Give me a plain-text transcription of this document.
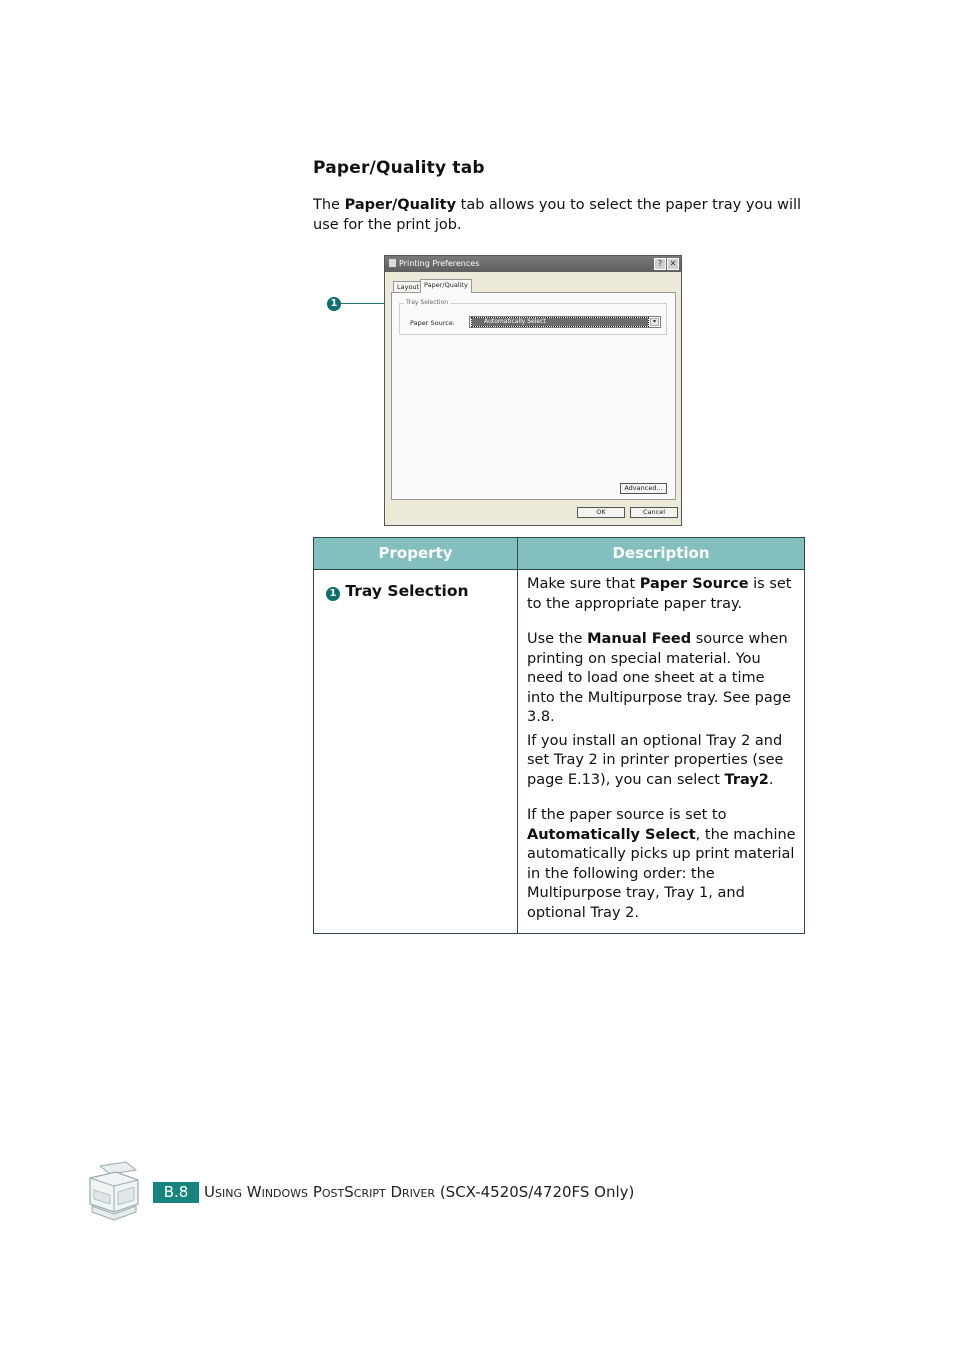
Paper/Quality tab
The Paper/Quality tab allows you to select the paper tray you will use for the print job.
1
Printing Preferences	? ✕
Layout Paper/Quality
Tray Selection
Paper Source:	Automatically Select	▾
Advanced...
OK	Cancel
Property	Description
1 Tray Selection	Make sure that Paper Source is set to the appropriate paper tray.

Use the Manual Feed source when printing on special material. You need to load one sheet at a time into the Multipurpose tray. See page 3.8.

If you install an optional Tray 2 and set Tray 2 in printer properties (see page E.13), you can select Tray2.

If the paper source is set to Automatically Select, the machine automatically picks up print material in the following order: the Multipurpose tray, Tray 1, and optional Tray 2.

B.8	USING WINDOWS POSTSCRIPT DRIVER (SCX-4520S/4720FS Only)
